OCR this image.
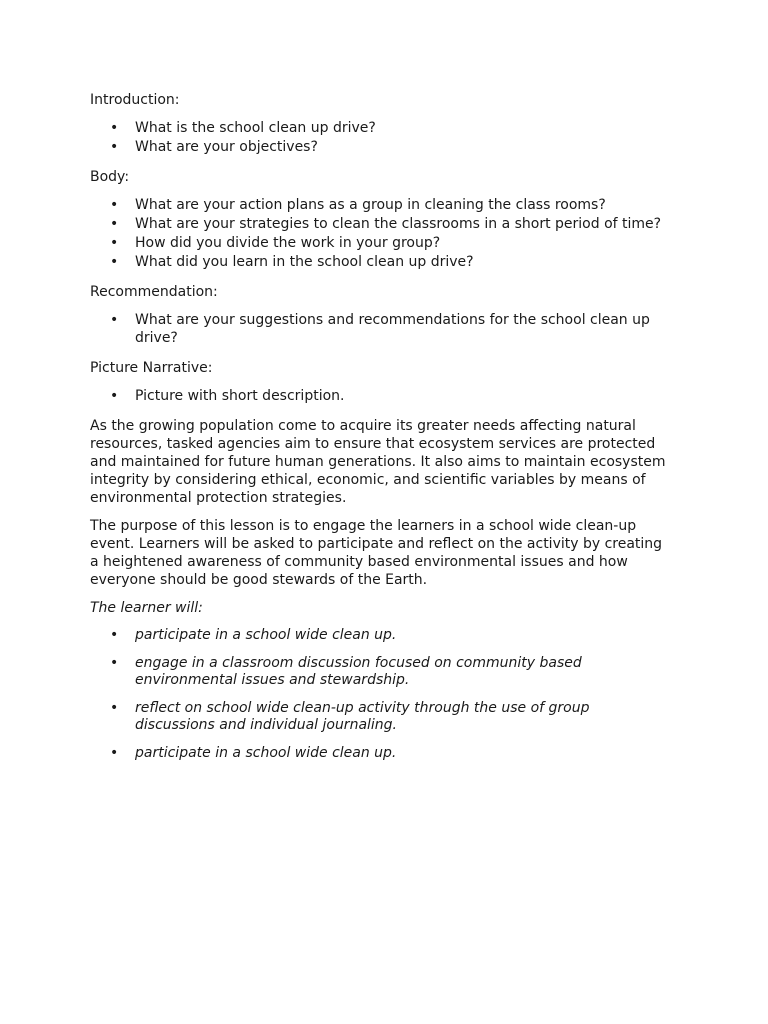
Introduction:
• What is the school clean up drive?
• What are your objectives?
Body:
• What are your action plans as a group in cleaning the class rooms?
• What are your strategies to clean the classrooms in a short period of time?
• How did you divide the work in your group?
• What did you learn in the school clean up drive?
Recommendation:
• What are your suggestions and recommendations for the school clean up drive?
Picture Narrative:
• Picture with short description.

As the growing population come to acquire its greater needs affecting natural resources, tasked agencies aim to ensure that ecosystem services are protected and maintained for future human generations. It also aims to maintain ecosystem integrity by considering ethical, economic, and scientific variables by means of environmental protection strategies.

The purpose of this lesson is to engage the learners in a school wide clean-up event. Learners will be asked to participate and reflect on the activity by creating a heightened awareness of community based environmental issues and how everyone should be good stewards of the Earth.

The learner will:
• participate in a school wide clean up.
• engage in a classroom discussion focused on community based environmental issues and stewardship.
• reflect on school wide clean-up activity through the use of group discussions and individual journaling.
• participate in a school wide clean up.
